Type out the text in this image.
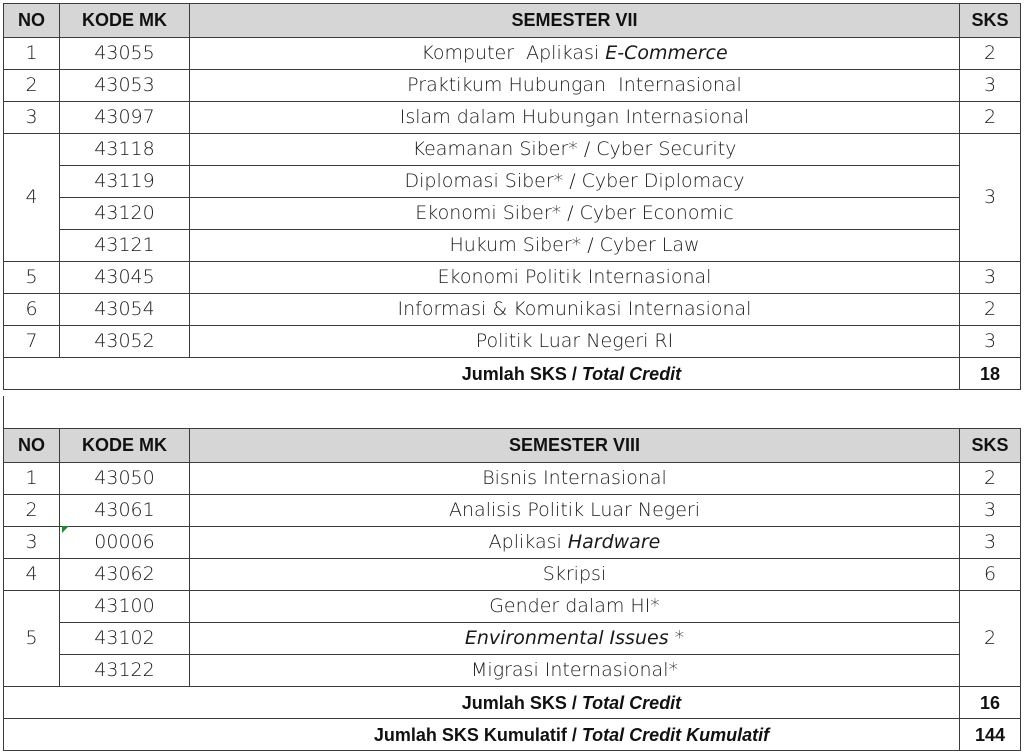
NO	KODE MK	SEMESTER VII	SKS
1	43055	Komputer  Aplikasi E-Commerce	2
2	43053	Praktikum Hubungan  Internasional	3
3	43097	Islam dalam Hubungan Internasional	2
4	43118	Keamanan Siber* / Cyber Security	3
	43119	Diplomasi Siber* / Cyber Diplomacy	
	43120	Ekonomi Siber* / Cyber Economic	
	43121	Hukum Siber* / Cyber Law	
5	43045	Ekonomi Politik Internasional	3
6	43054	Informasi & Komunikasi Internasional	2
7	43052	Politik Luar Negeri RI	3
Jumlah SKS / Total Credit			18
NO	KODE MK	SEMESTER VIII	SKS
1	43050	Bisnis Internasional	2
2	43061	Analisis Politik Luar Negeri	3
3	00006	Aplikasi Hardware	3
4	43062	Skripsi	6
5	43100	Gender dalam HI*	2
	43102	Environmental Issues *	
	43122	Migrasi Internasional*	
Jumlah SKS / Total Credit			16
Jumlah SKS Kumulatif / Total Credit Kumulatif			144
